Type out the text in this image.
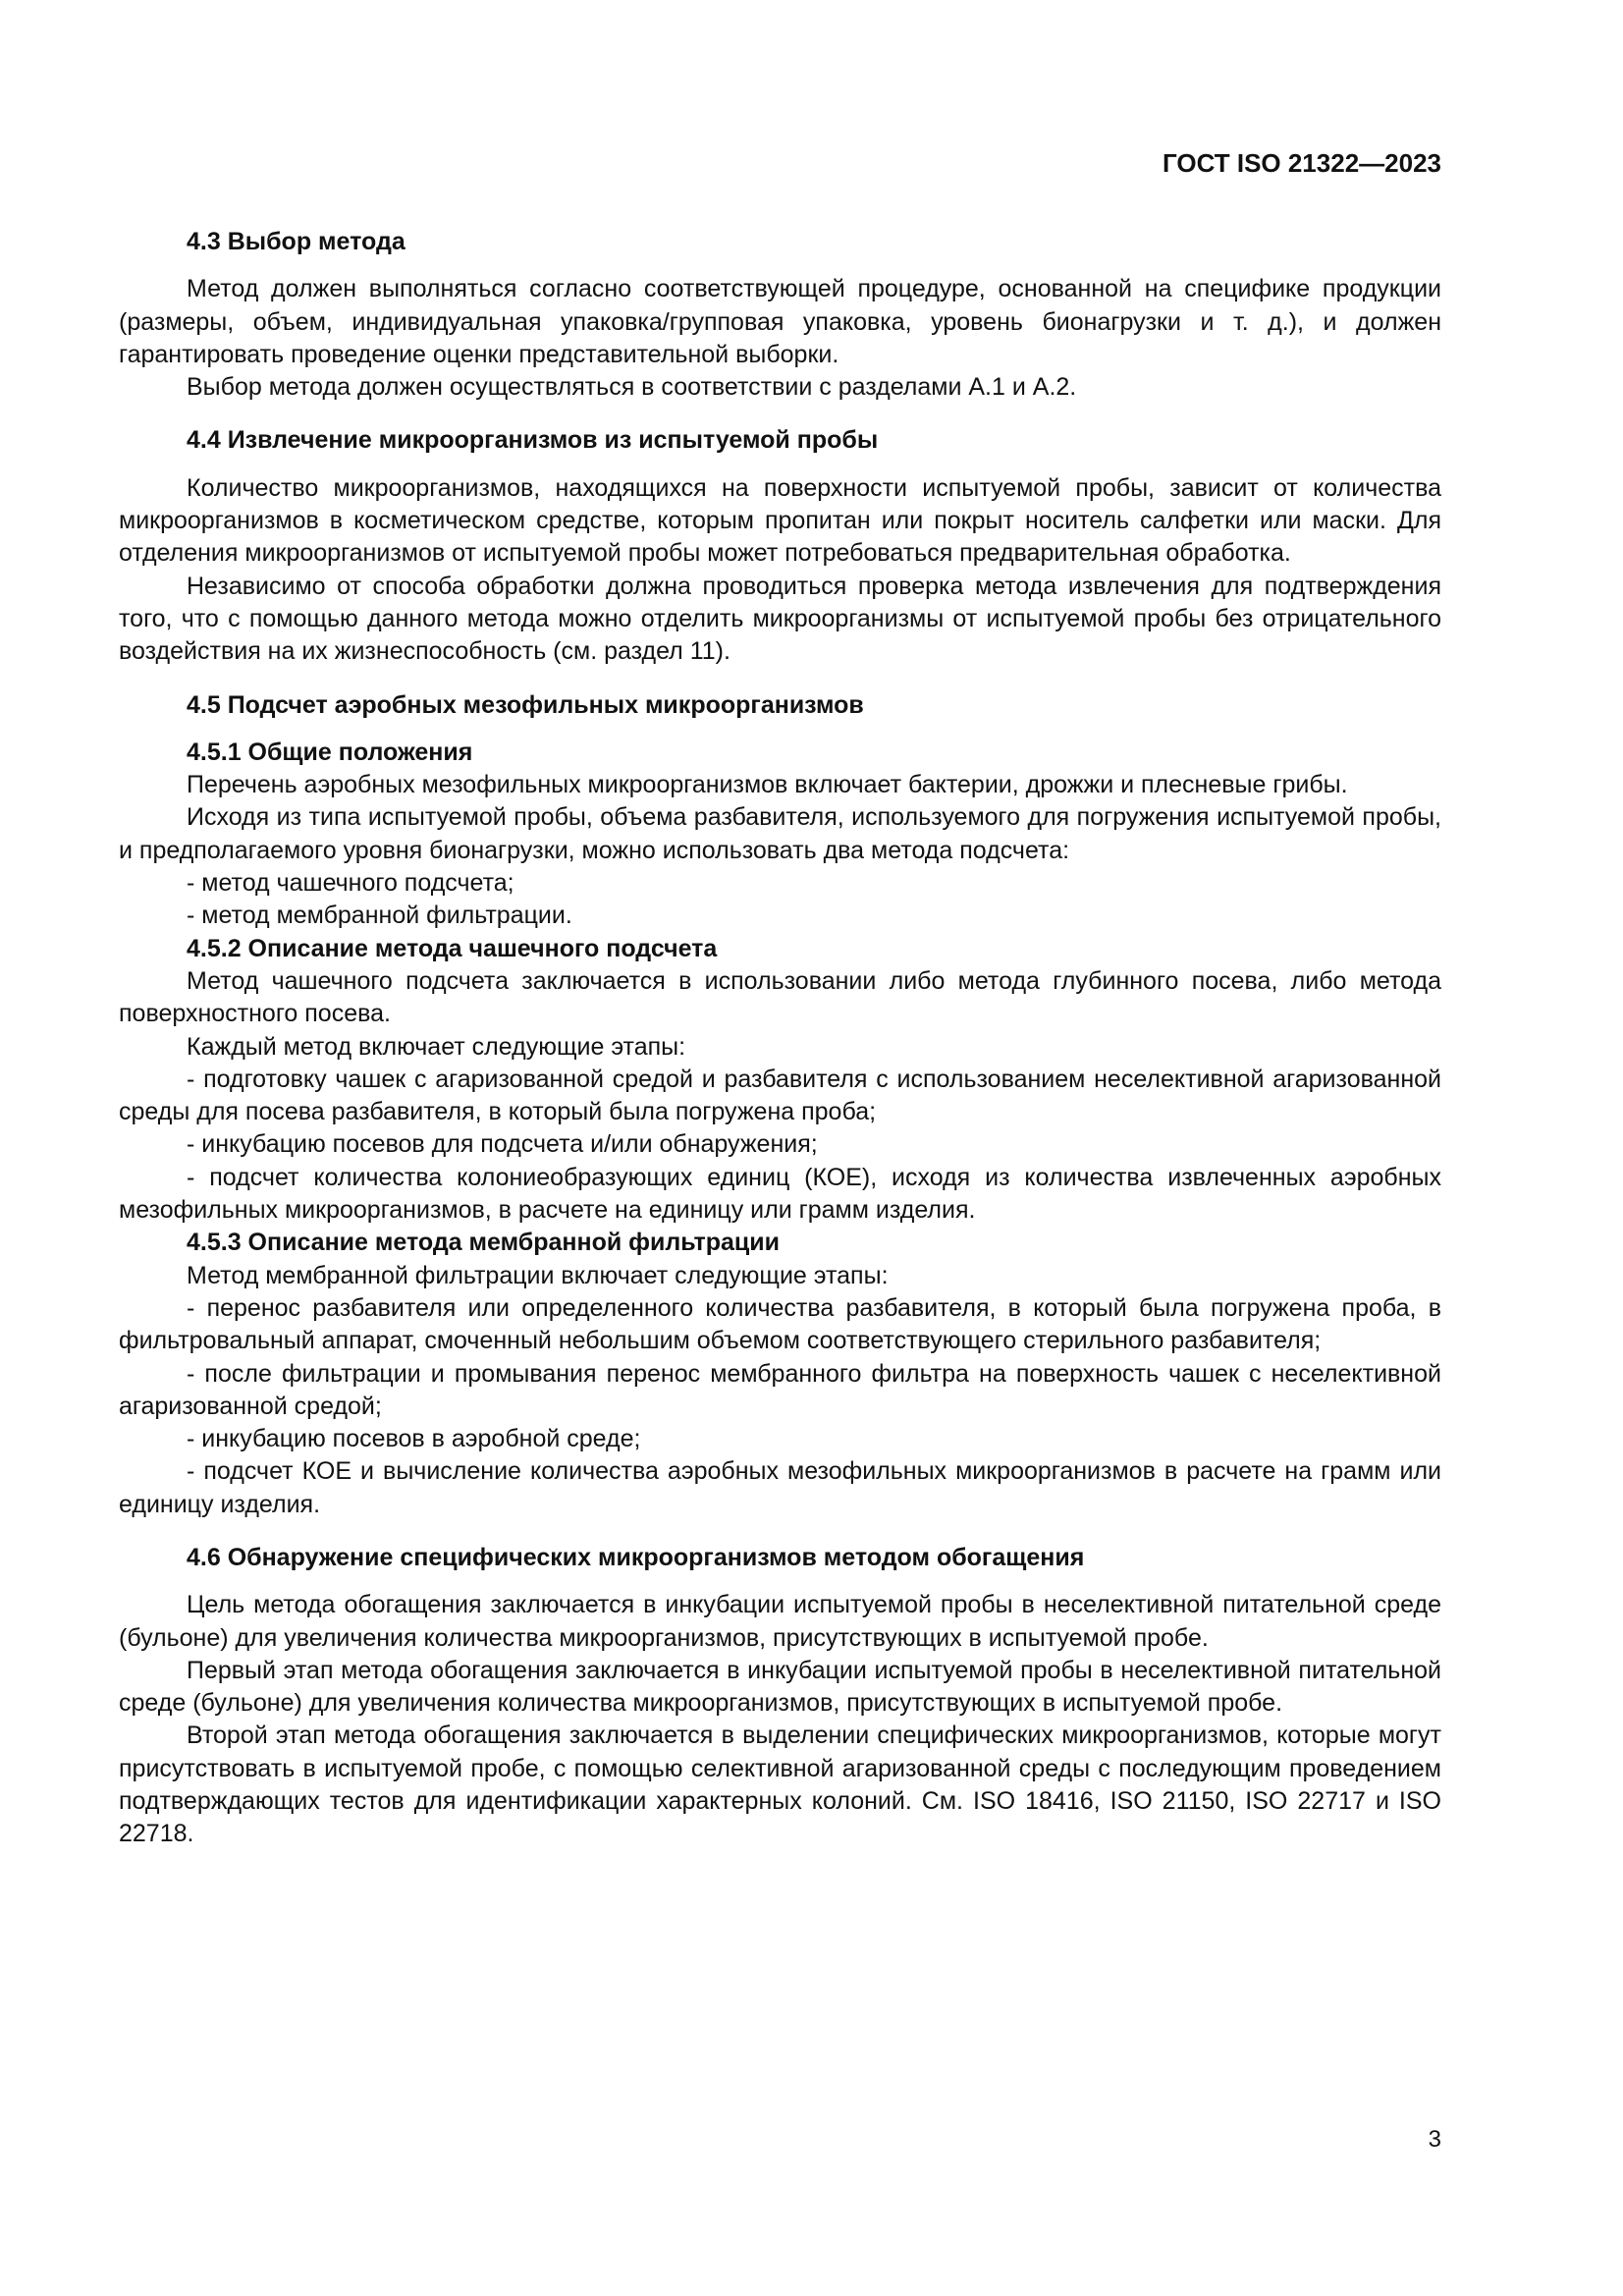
ГОСТ ISO 21322—2023
4.3 Выбор метода

Метод должен выполняться согласно соответствующей процедуре, основанной на специфике продукции (размеры, объем, индивидуальная упаковка/групповая упаковка, уровень бионагрузки и т. д.), и должен гарантировать проведение оценки представительной выборки.

Выбор метода должен осуществляться в соответствии с разделами А.1 и А.2.

4.4 Извлечение микроорганизмов из испытуемой пробы

Количество микроорганизмов, находящихся на поверхности испытуемой пробы, зависит от количества микроорганизмов в косметическом средстве, которым пропитан или покрыт носитель салфетки или маски. Для отделения микроорганизмов от испытуемой пробы может потребоваться предварительная обработка.

Независимо от способа обработки должна проводиться проверка метода извлечения для подтверждения того, что с помощью данного метода можно отделить микроорганизмы от испытуемой пробы без отрицательного воздействия на их жизнеспособность (см. раздел 11).

4.5 Подсчет аэробных мезофильных микроорганизмов
4.5.1 Общие положения

Перечень аэробных мезофильных микроорганизмов включает бактерии, дрожжи и плесневые грибы.

Исходя из типа испытуемой пробы, объема разбавителя, используемого для погружения испытуемой пробы, и предполагаемого уровня бионагрузки, можно использовать два метода подсчета:

- метод чашечного подсчета;

- метод мембранной фильтрации.

4.5.2 Описание метода чашечного подсчета

Метод чашечного подсчета заключается в использовании либо метода глубинного посева, либо метода поверхностного посева.

Каждый метод включает следующие этапы:

- подготовку чашек с агаризованной средой и разбавителя с использованием неселективной агаризованной среды для посева разбавителя, в который была погружена проба;

- инкубацию посевов для подсчета и/или обнаружения;

- подсчет количества колониеобразующих единиц (КОЕ), исходя из количества извлеченных аэробных мезофильных микроорганизмов, в расчете на единицу или грамм изделия.

4.5.3 Описание метода мембранной фильтрации

Метод мембранной фильтрации включает следующие этапы:

- перенос разбавителя или определенного количества разбавителя, в который была погружена проба, в фильтровальный аппарат, смоченный небольшим объемом соответствующего стерильного разбавителя;

- после фильтрации и промывания перенос мембранного фильтра на поверхность чашек с неселективной агаризованной средой;

- инкубацию посевов в аэробной среде;

- подсчет КОЕ и вычисление количества аэробных мезофильных микроорганизмов в расчете на грамм или единицу изделия.

4.6 Обнаружение специфических микроорганизмов методом обогащения

Цель метода обогащения заключается в инкубации испытуемой пробы в неселективной питательной среде (бульоне) для увеличения количества микроорганизмов, присутствующих в испытуемой пробе.

Первый этап метода обогащения заключается в инкубации испытуемой пробы в неселективной питательной среде (бульоне) для увеличения количества микроорганизмов, присутствующих в испытуемой пробе.

Второй этап метода обогащения заключается в выделении специфических микроорганизмов, которые могут присутствовать в испытуемой пробе, с помощью селективной агаризованной среды с последующим проведением подтверждающих тестов для идентификации характерных колоний. См. ISO 18416, ISO 21150, ISO 22717 и ISO 22718.

3
